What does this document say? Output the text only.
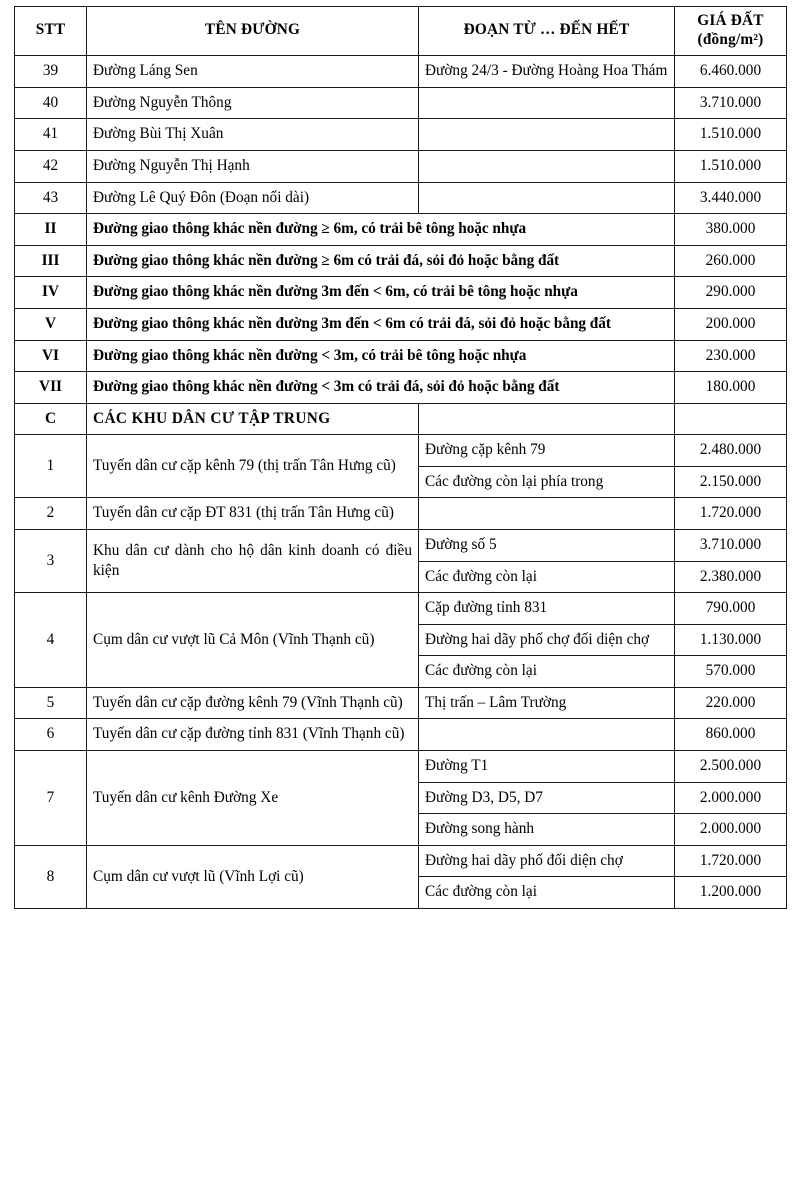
STT	TÊN ĐƯỜNG	ĐOẠN TỪ … ĐẾN HẾT	GIÁ ĐẤT
(đồng/m²)

39	Đường Láng Sen	Đường 24/3 - Đường Hoàng Hoa Thám	6.460.000
40	Đường Nguyễn Thông		3.710.000
41	Đường Bùi Thị Xuân		1.510.000
42	Đường Nguyễn Thị Hạnh		1.510.000
43	Đường Lê Quý Đôn (Đoạn nối dài)		3.440.000
II	Đường giao thông khác nền đường ≥ 6m, có trải bê tông hoặc nhựa		380.000
III	Đường giao thông khác nền đường ≥ 6m có trải đá, sỏi đỏ hoặc bằng đất		260.000
IV	Đường giao thông khác nền đường 3m đến < 6m, có trải bê tông hoặc nhựa		290.000
V	Đường giao thông khác nền đường 3m đến < 6m có trải đá, sỏi đỏ hoặc bằng đất		200.000
VI	Đường giao thông khác nền đường < 3m, có trải bê tông hoặc nhựa		230.000
VII	Đường giao thông khác nền đường < 3m có trải đá, sỏi đỏ hoặc bằng đất		180.000
C	CÁC KHU DÂN CƯ TẬP TRUNG		
1	Tuyến dân cư cặp kênh 79 (thị trấn Tân Hưng cũ)	Đường cặp kênh 79	2.480.000
		Các đường còn lại phía trong	2.150.000
2	Tuyến dân cư cặp ĐT 831 (thị trấn Tân Hưng cũ)		1.720.000
3	Khu dân cư dành cho hộ dân kinh doanh có điều kiện	Đường số 5	3.710.000
		Các đường còn lại	2.380.000
4	Cụm dân cư vượt lũ Cả Môn (Vĩnh Thạnh cũ)	Cặp đường tỉnh 831	790.000
		Đường hai dãy phố chợ đối diện chợ	1.130.000
		Các đường còn lại	570.000
5	Tuyến dân cư cặp đường kênh 79 (Vĩnh Thạnh cũ)	Thị trấn – Lâm Trường	220.000
6	Tuyến dân cư cặp đường tỉnh 831 (Vĩnh Thạnh cũ)		860.000
7	Tuyến dân cư kênh Đường Xe	Đường T1	2.500.000
		Đường D3, D5, D7	2.000.000
		Đường song hành	2.000.000
8	Cụm dân cư vượt lũ (Vĩnh Lợi cũ)	Đường hai dãy phố đối diện chợ	1.720.000
		Các đường còn lại	1.200.000
